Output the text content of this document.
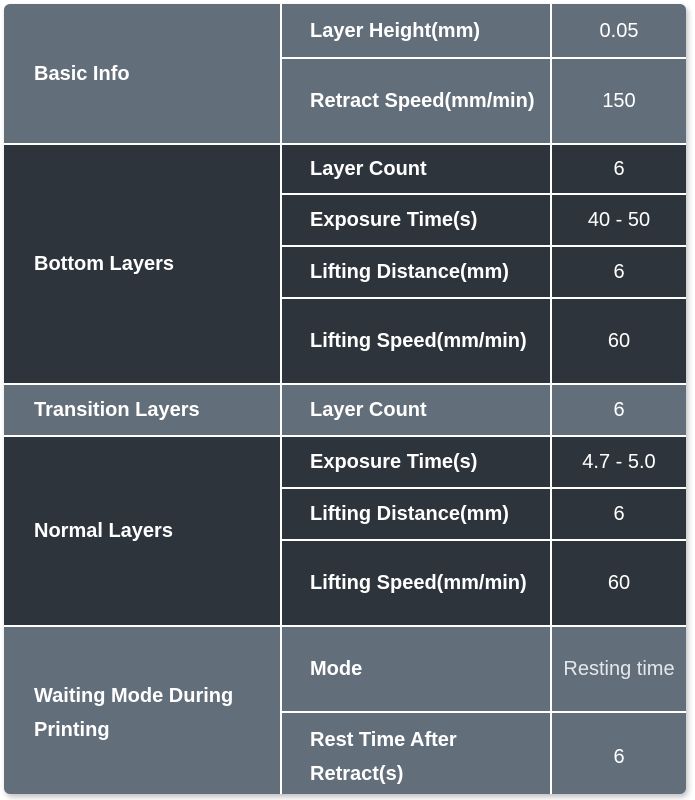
Basic Info	Layer Height(mm)	0.05
	Retract Speed(mm/min)	150
Bottom Layers	Layer Count	6
	Exposure Time(s)	40 - 50
	Lifting Distance(mm)	6
	Lifting Speed(mm/min)	60
Transition Layers	Layer Count	6
Normal Layers	Exposure Time(s)	4.7 - 5.0
	Lifting Distance(mm)	6
	Lifting Speed(mm/min)	60
Waiting Mode During Printing	Mode	Resting time
	Rest Time After Retract(s)	6
